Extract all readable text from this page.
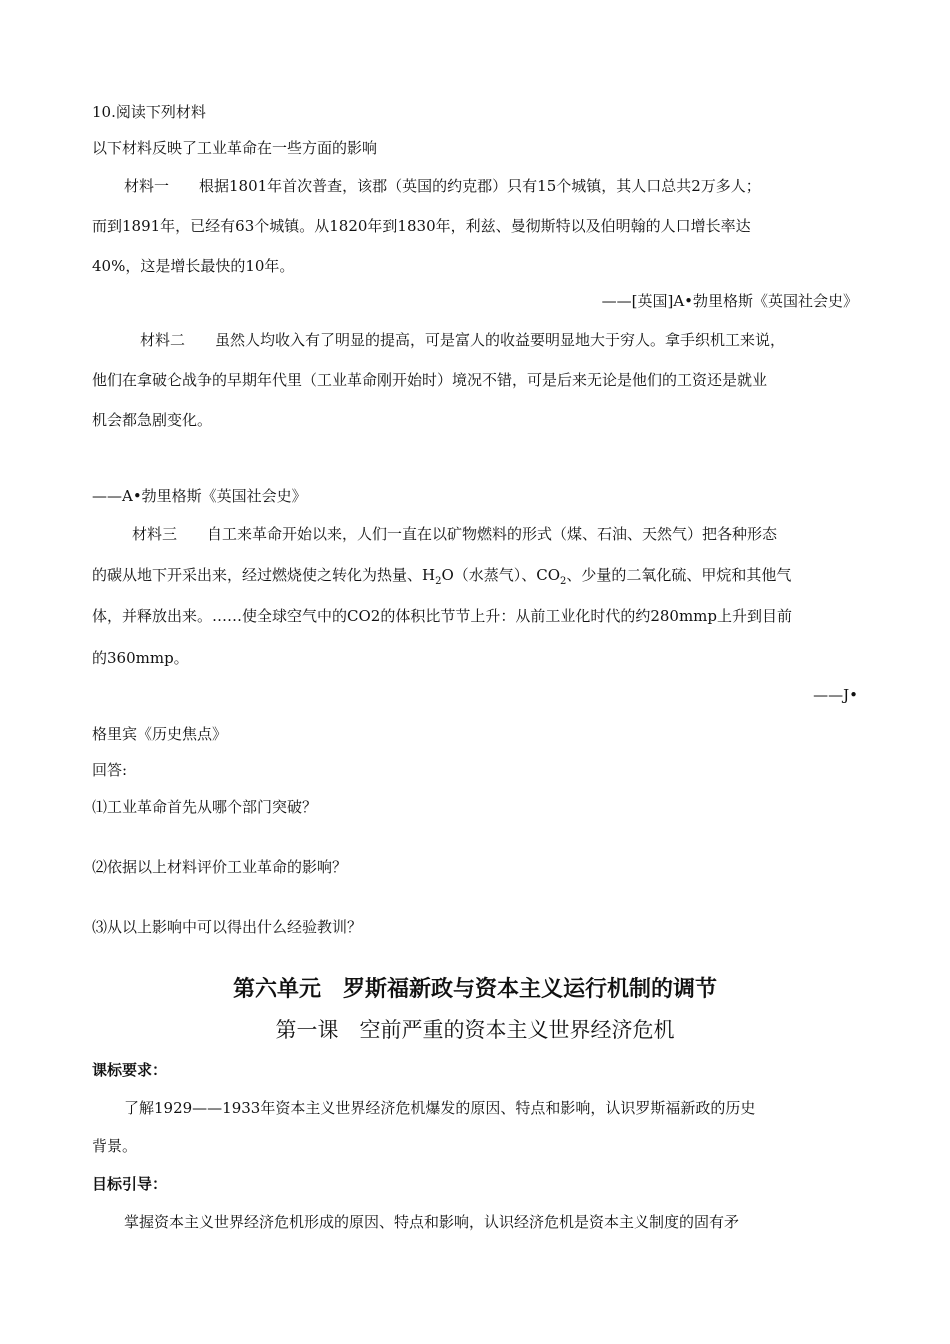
10.阅读下列材料
以下材料反映了工业革命在一些方面的影响
材料一　　根据1801年首次普查，该郡（英国的约克郡）只有15个城镇，其人口总共2万多人；
而到1891年，已经有63个城镇。从1820年到1830年，利兹、曼彻斯特以及伯明翰的人口增长率达
40%，这是增长最快的10年。
——[英国]A•勃里格斯《英国社会史》
材料二　　虽然人均收入有了明显的提高，可是富人的收益要明显地大于穷人。拿手织机工来说，
他们在拿破仑战争的早期年代里（工业革命刚开始时）境况不错，可是后来无论是他们的工资还是就业
机会都急剧变化。
——A•勃里格斯《英国社会史》
材料三　　自工来革命开始以来，人们一直在以矿物燃料的形式（煤、石油、天然气）把各种形态
的碳从地下开采出来，经过燃烧使之转化为热量、$H_2O$（水蒸气）、$CO_2$、少量的二氧化硫、甲烷和其他气
体，并释放出来。……使全球空气中的CO2的体积比节节上升：从前工业化时代的约280mmp上升到目前
的360mmp。
——J•
格里宾《历史焦点》
回答:
⑴工业革命首先从哪个部门突破？
⑵依据以上材料评价工业革命的影响？
⑶从以上影响中可以得出什么经验教训？
第六单元　罗斯福新政与资本主义运行机制的调节
第一课　空前严重的资本主义世界经济危机
课标要求：
了解1929——1933年资本主义世界经济危机爆发的原因、特点和影响，认识罗斯福新政的历史
背景。
目标引导：
掌握资本主义世界经济危机形成的原因、特点和影响，认识经济危机是资本主义制度的固有矛
